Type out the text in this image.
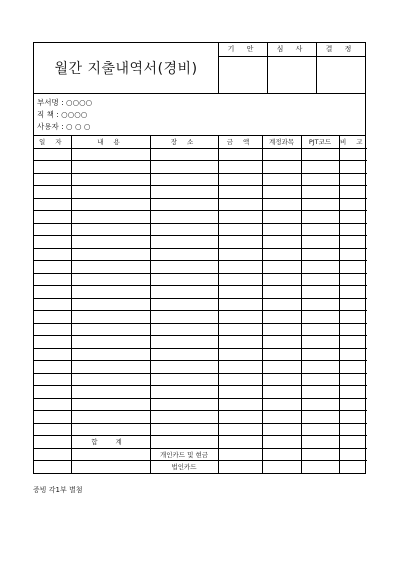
월간 지출내역서(경비)
기 안	심 사	결 정
부서명 : ○○○○
직 책 : ○○○○
사용자 : ○ ○ ○
일 자	내 용	장 소	금 액	계정과목	PJT코드	비 고

	합 계					
		개인카드 및 현금				
		법인카드				
증빙 각1부 별첨
